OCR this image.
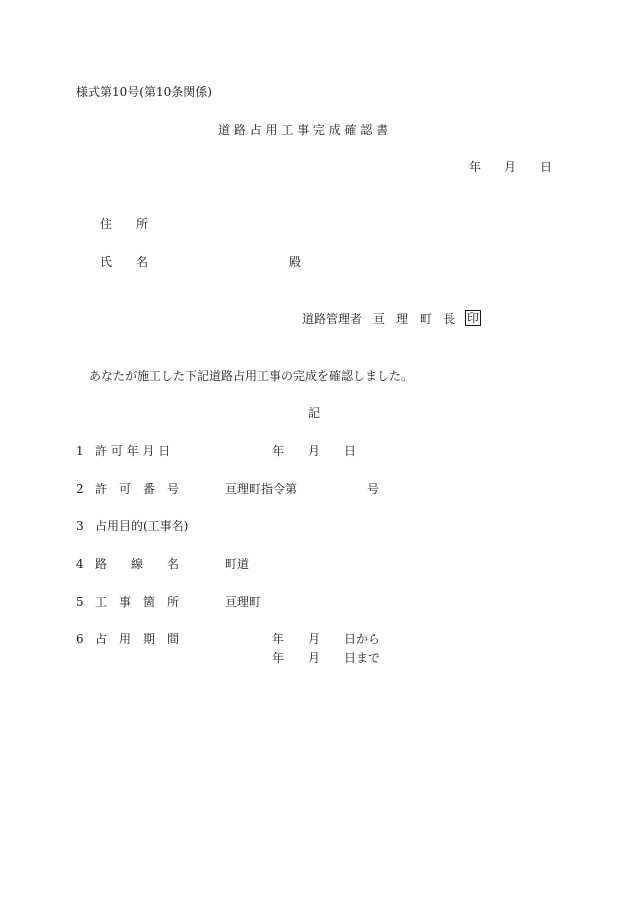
様式第10号(第10条関係)
道 路 占 用 工 事 完 成 確 認 書
年 月 日
住　　所
氏　　名	殿
道路管理者 亘 理 町 長 印
あなたが施工した下記道路占用工事の完成を確認しました。
記
1 許 可 年 月 日	年 月 日
2 許　可　番　号	亘理町指令第	号
3 占用目的(工事名)
4 路　　線　　名	町道
5 工　事　箇　所	亘理町
6 占　用　期　間	年 月 日から
年 月 日まで
